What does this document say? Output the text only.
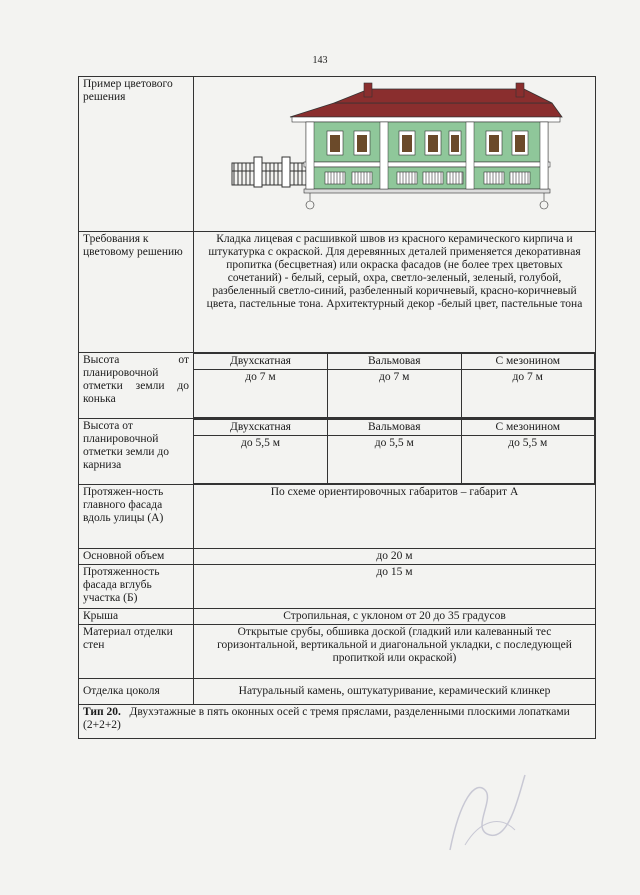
143
Пример цветового решения	
Требования к цветовому решению	Кладка лицевая с расшивкой швов из красного керамического кирпича и штукатурка с окраской. Для деревянных деталей применяется декоративная пропитка (бесцветная) или окраска фасадов (не более трех цветовых сочетаний) - белый, серый, охра, светло-зеленый, зеленый, голубой, разбеленный светло-синий, разбеленный коричневый, красно-коричневый цвета, пастельные тона. Архитектурный декор -белый цвет, пастельные тона
Высота от планировочной отметки земли до конька	
Двухскатная	Вальмовая	С мезонином
до 7 м	до 7 м	до 7 м

Высота от планировочной отметки земли до карниза	
Двухскатная	Вальмовая	С мезонином
до 5,5 м	до 5,5 м	до 5,5 м

Протяжен-ность главного фасада вдоль улицы (А)	По схеме ориентировочных габаритов – габарит А
Основной объем	до 20 м
Протяженность фасада вглубь участка (Б)	до 15 м
Крыша	Стропильная, с уклоном от 20 до 35 градусов
Материал отделки стен	Открытые срубы, обшивка доской (гладкий или калеванный тес горизонтальной, вертикальной и диагональной укладки, с последующей пропиткой или окраской)
Отделка цоколя	Натуральный камень, оштукатуривание, керамический клинкер
Тип 20. Двухэтажные в пять оконных осей с тремя пряслами, разделенными плоскими лопатками (2+2+2)
